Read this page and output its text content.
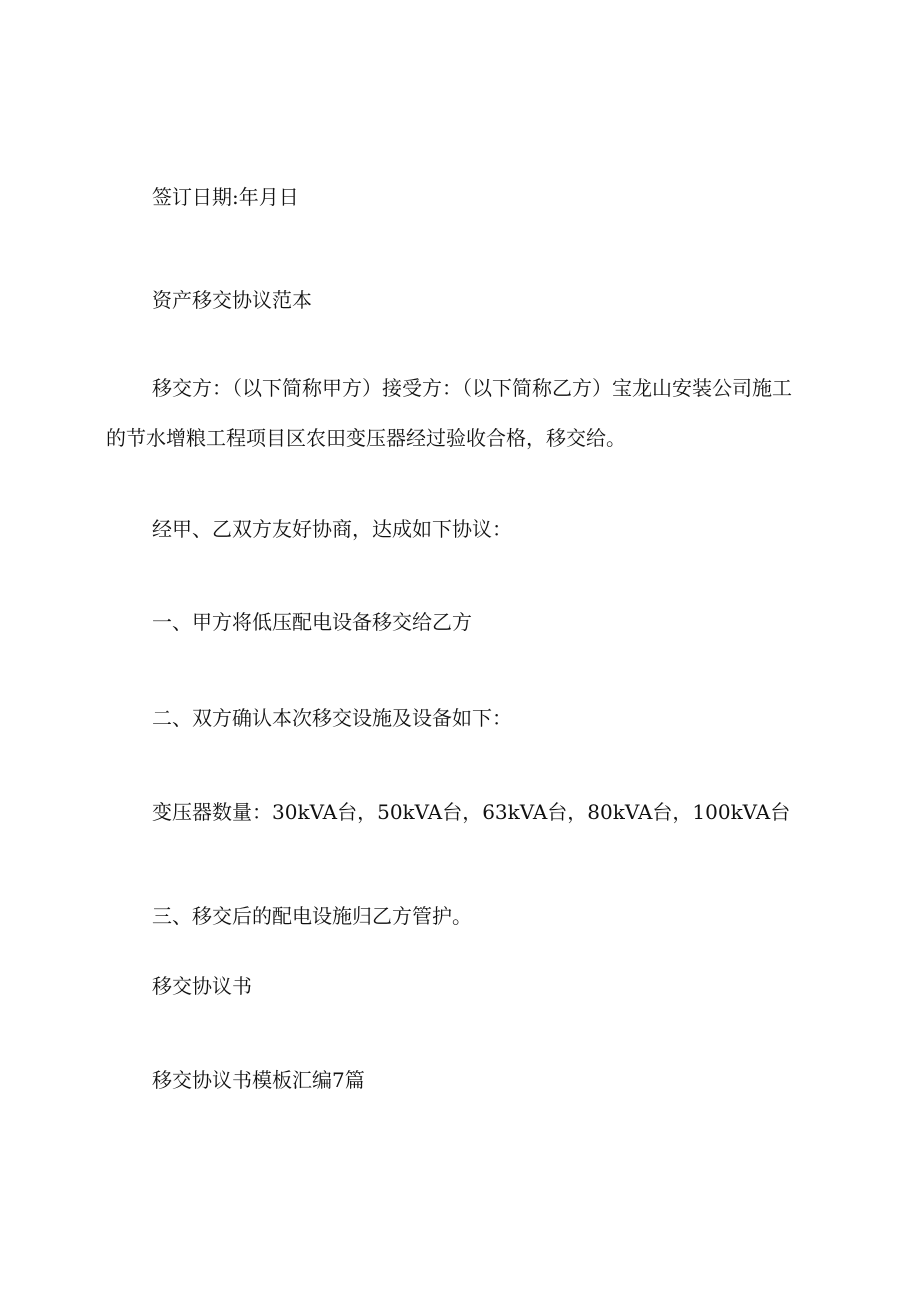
签订日期:年月日
资产移交协议范本
移交方：（以下简称甲方）接受方：（以下简称乙方）宝龙山安装公司施工
的节水增粮工程项目区农田变压器经过验收合格，移交给。
经甲、乙双方友好协商，达成如下协议：
一、甲方将低压配电设备移交给乙方
二、双方确认本次移交设施及设备如下：
变压器数量：30kVA台，50kVA台，63kVA台，80kVA台，100kVA台
三、移交后的配电设施归乙方管护。
移交协议书
移交协议书模板汇编7篇
